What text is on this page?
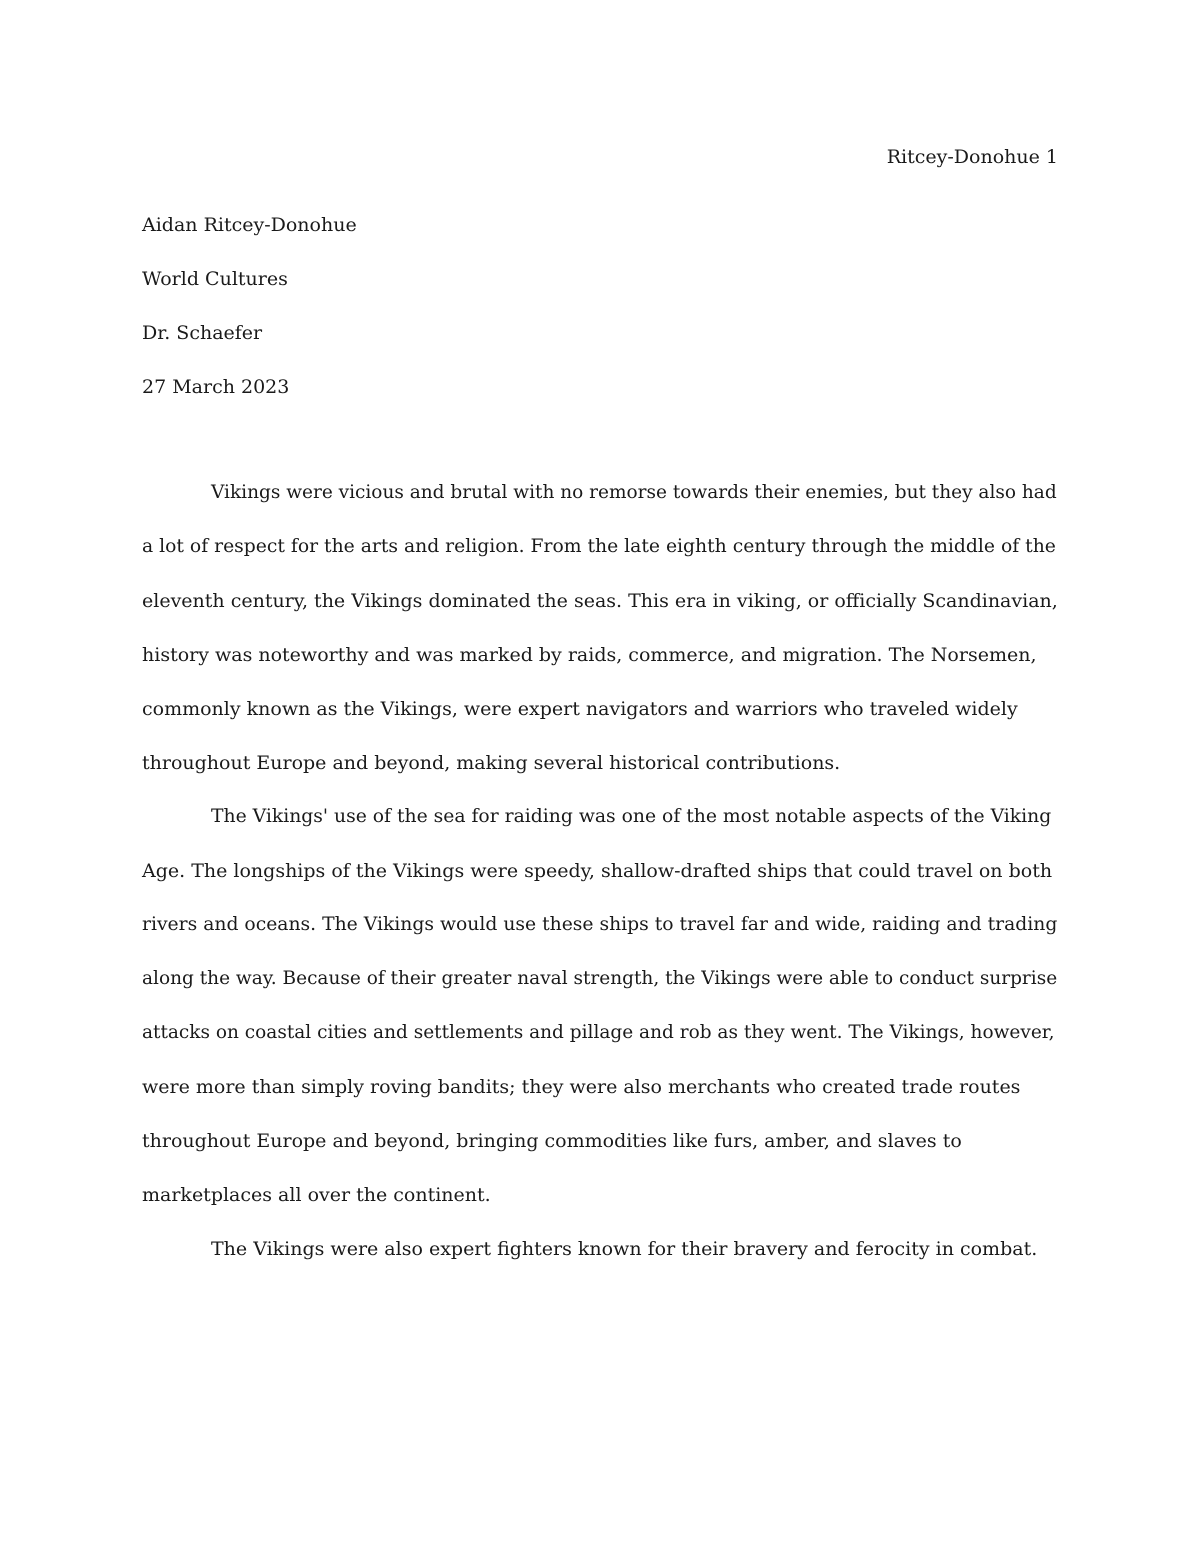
Ritcey-Donohue 1
Aidan Ritcey-Donohue
World Cultures
Dr. Schaefer
27 March 2023
Vikings were vicious and brutal with no remorse towards their enemies, but they also had
a lot of respect for the arts and religion. From the late eighth century through the middle of the
eleventh century, the Vikings dominated the seas. This era in viking, or officially Scandinavian,
history was noteworthy and was marked by raids, commerce, and migration. The Norsemen,
commonly known as the Vikings, were expert navigators and warriors who traveled widely
throughout Europe and beyond, making several historical contributions.
The Vikings' use of the sea for raiding was one of the most notable aspects of the Viking
Age. The longships of the Vikings were speedy, shallow-drafted ships that could travel on both
rivers and oceans. The Vikings would use these ships to travel far and wide, raiding and trading
along the way. Because of their greater naval strength, the Vikings were able to conduct surprise
attacks on coastal cities and settlements and pillage and rob as they went. The Vikings, however,
were more than simply roving bandits; they were also merchants who created trade routes
throughout Europe and beyond, bringing commodities like furs, amber, and slaves to
marketplaces all over the continent.
The Vikings were also expert fighters known for their bravery and ferocity in combat.
